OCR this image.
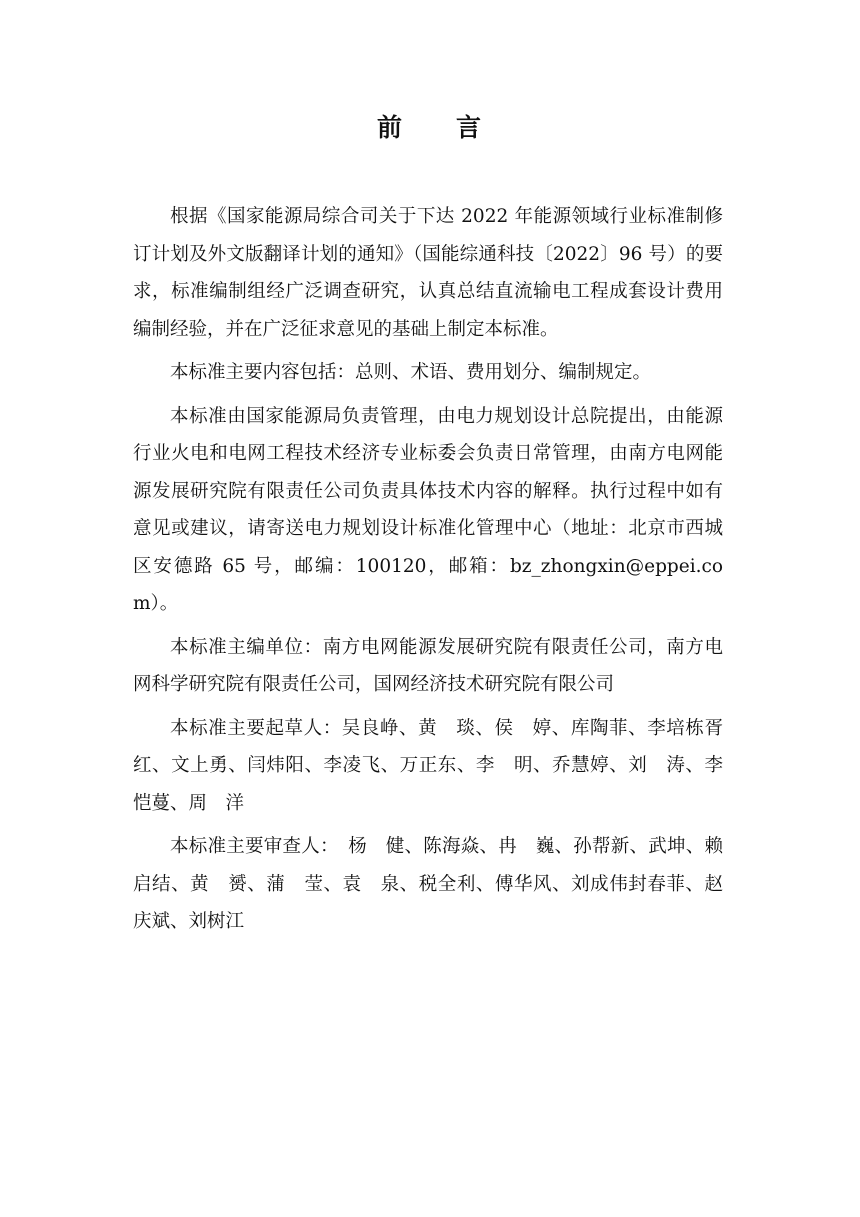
前 言

根据《国家能源局综合司关于下达 2022 年能源领域行业标准制修订计划及外文版翻译计划的通知》（国能综通科技〔2022〕96 号）的要求，标准编制组经广泛调查研究，认真总结直流输电工程成套设计费用编制经验，并在广泛征求意见的基础上制定本标准。

本标准主要内容包括：总则、术语、费用划分、编制规定。

本标准由国家能源局负责管理，由电力规划设计总院提出，由能源行业火电和电网工程技术经济专业标委会负责日常管理，由南方电网能源发展研究院有限责任公司负责具体技术内容的解释。执行过程中如有意见或建议，请寄送电力规划设计标准化管理中心（地址：北京市西城区安德路 65 号，邮编：100120，邮箱：bz_zhongxin@eppei.com）。

本标准主编单位：南方电网能源发展研究院有限责任公司，南方电网科学研究院有限责任公司，国网经济技术研究院有限公司

本标准主要起草人：吴良峥、黄　琰、侯　婷、库陶菲、李培栋胥 红、文上勇、闫炜阳、李凌飞、万正东、李　明、乔慧婷、刘　涛、李恺蔓、周　洋

本标准主要审查人：　杨　健、陈海焱、冉　巍、孙帮新、武坤、赖启结、黄　赟、蒲　莹、袁　泉、税全利、傅华风、刘成伟封春菲、赵庆斌、刘树江
